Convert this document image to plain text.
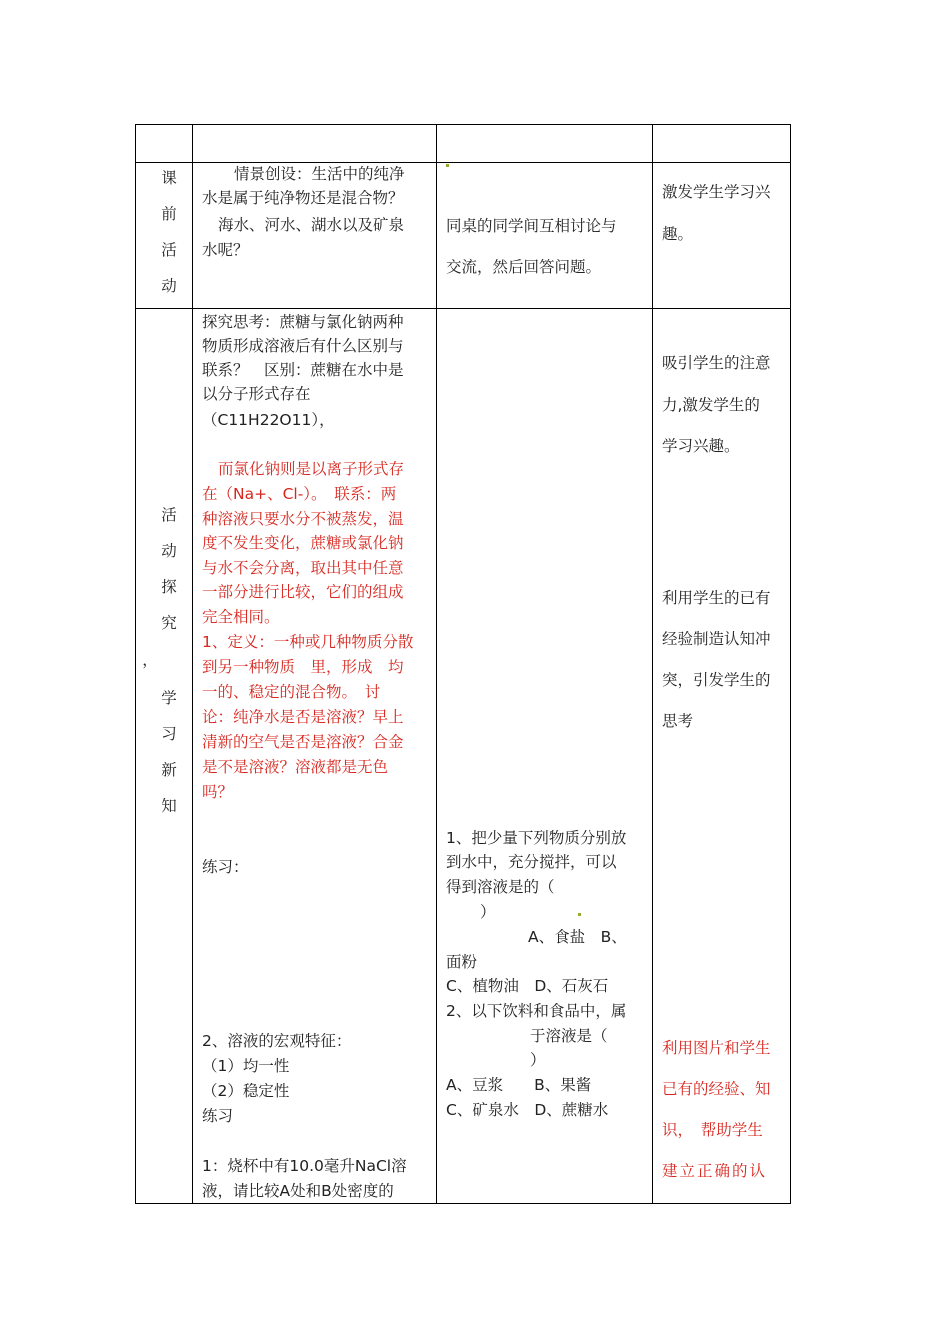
课
前
活
动
情景创设：生活中的纯净
水是属于纯净物还是混合物？
海水、河水、湖水以及矿泉
水呢？
同桌的同学间互相讨论与
交流，然后回答问题。
激发学生学习兴
趣。
活
动
探
究
，
学
习
新
知
探究思考：蔗糖与氯化钠两种
物质形成溶液后有什么区别与
联系？　区别：蔗糖在水中是
以分子形式存在
（C11H22O11），
而氯化钠则是以离子形式存
在（Na+、Cl-）。　联系：两
种溶液只要水分不被蒸发，温
度不发生变化，蔗糖或氯化钠
与水不会分离，取出其中任意
一部分进行比较，它们的组成
完全相同。
1、定义：一种或几种物质分散
到另一种物质　里，形成　均
一的、稳定的混合物。　讨
论：纯净水是否是溶液？早上
清新的空气是否是溶液？合金
是不是溶液？溶液都是无色
吗？
练习：
2、溶液的宏观特征：
（1）均一性
（2）稳定性
练习
1：烧杯中有10.0毫升NaCl溶
液，请比较A处和B处密度的
1、把少量下列物质分别放
到水中，充分搅拌，可以
得到溶液是的（
）
A、食盐　B、
面粉
C、植物油　D、石灰石
2、以下饮料和食品中，属
于溶液是（
）
A、豆浆　　B、果酱
C、矿泉水　D、蔗糖水
吸引学生的注意
力,激发学生的
学习兴趣。
利用学生的已有
经验制造认知冲
突，引发学生的
思考
利用图片和学生
已有的经验、知
识，　帮助学生
建立正确的认
